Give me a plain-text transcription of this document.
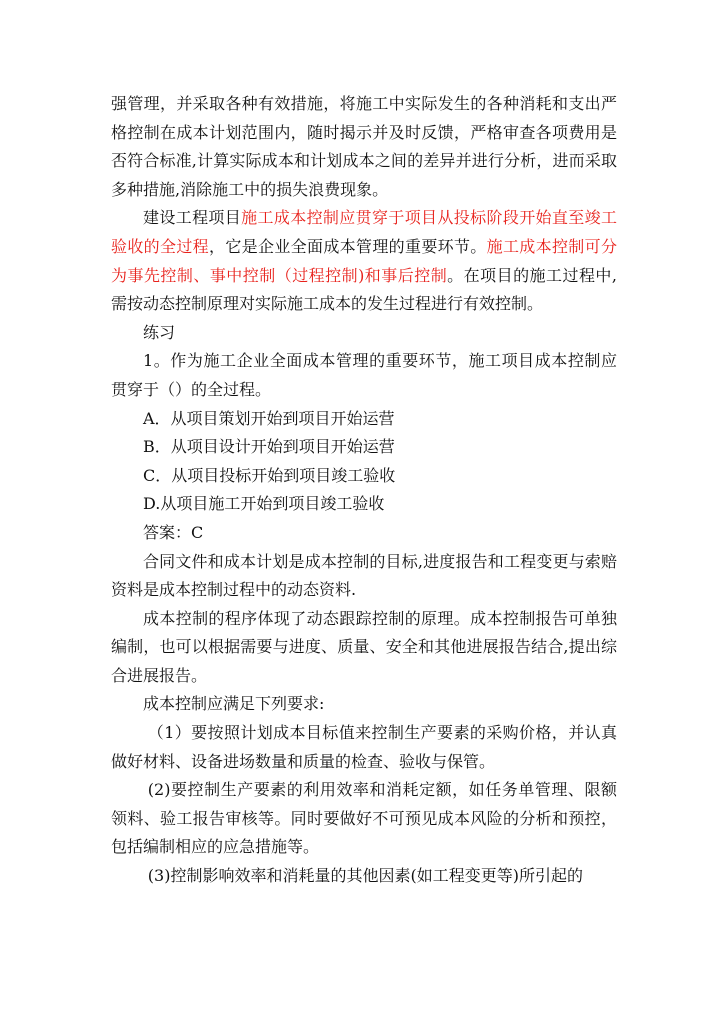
强管理，并采取各种有效措施，将施工中实际发生的各种消耗和支出严格控制在成本计划范围内，随时揭示并及时反馈，严格审查各项费用是否符合标准,计算实际成本和计划成本之间的差异并进行分析，进而采取多种措施,消除施工中的损失浪费现象。

建设工程项目施工成本控制应贯穿于项目从投标阶段开始直至竣工验收的全过程，它是企业全面成本管理的重要环节。施工成本控制可分为事先控制、事中控制（过程控制)和事后控制。在项目的施工过程中,需按动态控制原理对实际施工成本的发生过程进行有效控制。

练习

1。作为施工企业全面成本管理的重要环节，施工项目成本控制应贯穿于（）的全过程。

A．从项目策划开始到项目开始运营

B．从项目设计开始到项目开始运营

C．从项目投标开始到项目竣工验收

D.从项目施工开始到项目竣工验收

答案：C

合同文件和成本计划是成本控制的目标,进度报告和工程变更与索赔资料是成本控制过程中的动态资料.

成本控制的程序体现了动态跟踪控制的原理。成本控制报告可单独编制，也可以根据需要与进度、质量、安全和其他进展报告结合,提出综合进展报告。

成本控制应满足下列要求:

（1）要按照计划成本目标值来控制生产要素的采购价格，并认真做好材料、设备进场数量和质量的检查、验收与保管。

(2)要控制生产要素的利用效率和消耗定额，如任务单管理、限额领料、验工报告审核等。同时要做好不可预见成本风险的分析和预控，包括编制相应的应急措施等。

(3)控制影响效率和消耗量的其他因素(如工程变更等)所引起的
